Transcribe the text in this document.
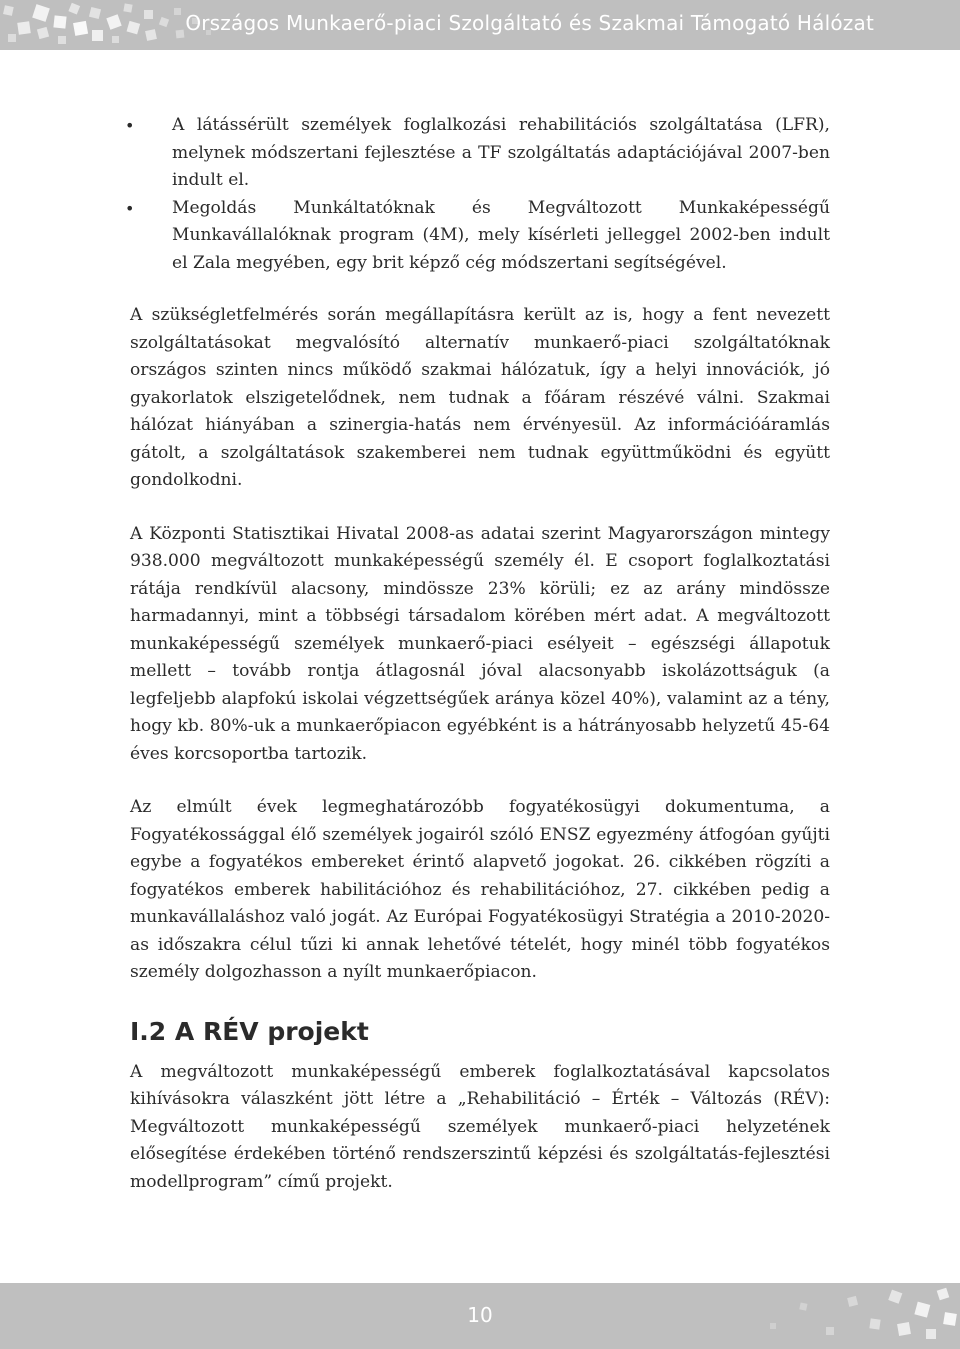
Országos Munkaerő-piaci Szolgáltató és Szakmai Támogató Hálózat
• A látássérült személyek foglalkozási rehabilitációs szolgáltatása (LFR), melynek módszertani fejlesztése a TF szolgáltatás adaptációjával 2007-ben indult el.
• Megoldás Munkáltatóknak és Megváltozott Munkaképességű Munkavállalóknak program (4M), mely kísérleti jelleggel 2002-ben indult el Zala megyében, egy brit képző cég módszertani segítségével.

A szükségletfelmérés során megállapításra került az is, hogy a fent nevezett szolgáltatásokat megvalósító alternatív munkaerő-piaci szolgáltatóknak országos szinten nincs működő szakmai hálózatuk, így a helyi innovációk, jó gyakorlatok elszigetelődnek, nem tudnak a főáram részévé válni. Szakmai hálózat hiányában a szinergia-hatás nem érvényesül. Az információáramlás gátolt, a szolgáltatások szakemberei nem tudnak együttműködni és együtt gondolkodni.

A Központi Statisztikai Hivatal 2008-as adatai szerint Magyarországon mintegy 938.000 megváltozott munkaképességű személy él. E csoport foglalkoztatási rátája rendkívül alacsony, mindössze 23% körüli; ez az arány mindössze harmadannyi, mint a többségi társadalom körében mért adat. A megváltozott munkaképességű személyek munkaerő-piaci esélyeit – egészségi állapotuk mellett – tovább rontja átlagosnál jóval alacsonyabb iskolázottságuk (a legfeljebb alapfokú iskolai végzettségűek aránya közel 40%), valamint az a tény, hogy kb. 80%-uk a munkaerőpiacon egyébként is a hátrányosabb helyzetű 45-64 éves korcsoportba tartozik.

Az elmúlt évek legmeghatározóbb fogyatékosügyi dokumentuma, a Fogyatékossággal élő személyek jogairól szóló ENSZ egyezmény átfogóan gyűjti egybe a fogyatékos embereket érintő alapvető jogokat. 26. cikkében rögzíti a fogyatékos emberek habilitációhoz és rehabilitációhoz, 27. cikkében pedig a munkavállaláshoz való jogát. Az Európai Fogyatékosügyi Stratégia a 2010-2020-as időszakra célul tűzi ki annak lehetővé tételét, hogy minél több fogyatékos személy dolgozhasson a nyílt munkaerőpiacon.

I.2 A RÉV projekt

A megváltozott munkaképességű emberek foglalkoztatásával kapcsolatos kihívásokra válaszként jött létre a „Rehabilitáció – Érték – Változás (RÉV): Megváltozott munkaképességű személyek munkaerő-piaci helyzetének elősegítése érdekében történő rendszerszintű képzési és szolgáltatás-fejlesztési modellprogram” című projekt.

10
